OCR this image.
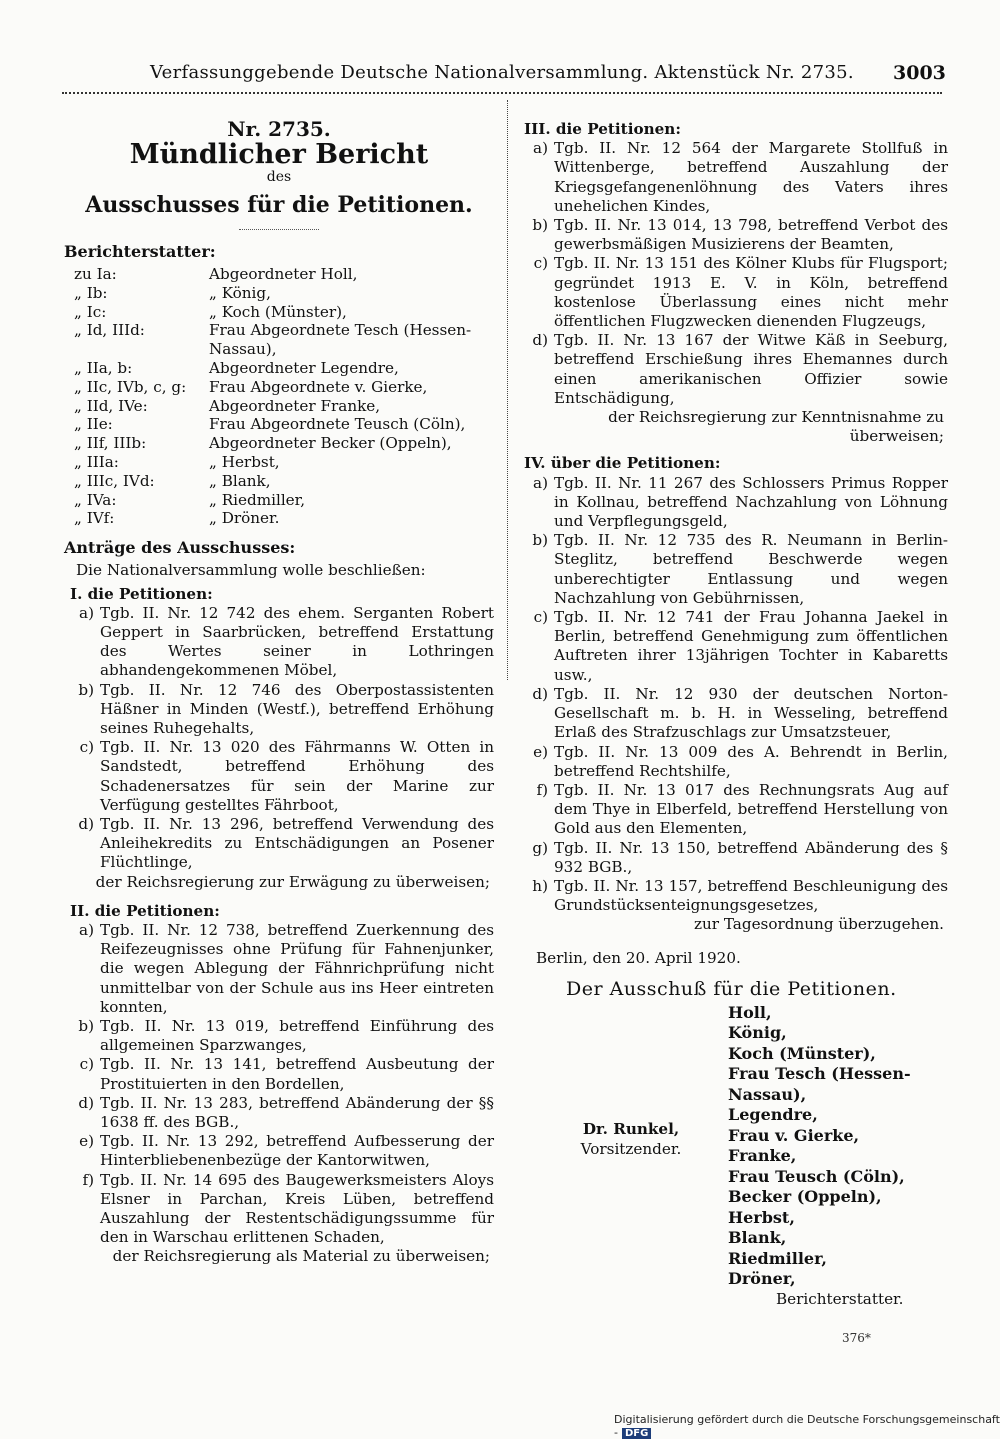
Verfassunggebende Deutsche Nationalversammlung. Aktenstück Nr. 2735. 3003
Nr. 2735.
Mündlicher Bericht
des
Ausschusses für die Petitionen.
Berichterstatter:
zu Ia:	Abgeordneter Holl,
„ Ib:	„ König,
„ Ic:	„ Koch (Münster),
„ Id, IIId:	Frau Abgeordnete Tesch (Hessen-Nassau),
„ IIa, b:	Abgeordneter Legendre,
„ IIc, IVb, c, g:	Frau Abgeordnete v. Gierke,
„ IId, IVe:	Abgeordneter Franke,
„ IIe:	Frau Abgeordnete Teusch (Cöln),
„ IIf, IIIb:	Abgeordneter Becker (Oppeln),
„ IIIa:	„ Herbst,
„ IIIc, IVd:	„ Blank,
„ IVa:	„ Riedmiller,
„ IVf:	„ Dröner.
Anträge des Ausschusses:
Die Nationalversammlung wolle beschließen:
I. die Petitionen:
a) Tgb. II. Nr. 12 742 des ehem. Serganten Robert Geppert in Saarbrücken, betreffend Erstattung des Wertes seiner in Lothringen abhandengekommenen Möbel,
b) Tgb. II. Nr. 12 746 des Oberpostassistenten Häßner in Minden (Westf.), betreffend Erhöhung seines Ruhegehalts,
c) Tgb. II. Nr. 13 020 des Fährmanns W. Otten in Sandstedt, betreffend Erhöhung des Schadenersatzes für sein der Marine zur Verfügung gestelltes Fährboot,
d) Tgb. II. Nr. 13 296, betreffend Verwendung des Anleihekredits zu Entschädigungen an Posener Flüchtlinge,
der Reichsregierung zur Erwägung zu überweisen;
II. die Petitionen:
a) Tgb. II. Nr. 12 738, betreffend Zuerkennung des Reifezeugnisses ohne Prüfung für Fahnenjunker, die wegen Ablegung der Fähnrichprüfung nicht unmittelbar von der Schule aus ins Heer eintreten konnten,
b) Tgb. II. Nr. 13 019, betreffend Einführung des allgemeinen Sparzwanges,
c) Tgb. II. Nr. 13 141, betreffend Ausbeutung der Prostituierten in den Bordellen,
d) Tgb. II. Nr. 13 283, betreffend Abänderung der §§ 1638 ff. des BGB.,
e) Tgb. II. Nr. 13 292, betreffend Aufbesserung der Hinterbliebenenbezüge der Kantorwitwen,
f) Tgb. II. Nr. 14 695 des Baugewerksmeisters Aloys Elsner in Parchan, Kreis Lüben, betreffend Auszahlung der Restentschädigungssumme für den in Warschau erlittenen Schaden,
der Reichsregierung als Material zu überweisen;
III. die Petitionen:
a) Tgb. II. Nr. 12 564 der Margarete Stollfuß in Wittenberge, betreffend Auszahlung der Kriegsgefangenenlöhnung des Vaters ihres unehelichen Kindes,
b) Tgb. II. Nr. 13 014, 13 798, betreffend Verbot des gewerbsmäßigen Musizierens der Beamten,
c) Tgb. II. Nr. 13 151 des Kölner Klubs für Flugsport; gegründet 1913 E. V. in Köln, betreffend kostenlose Überlassung eines nicht mehr öffentlichen Flugzwecken dienenden Flugzeugs,
d) Tgb. II. Nr. 13 167 der Witwe Käß in Seeburg, betreffend Erschießung ihres Ehemannes durch einen amerikanischen Offizier sowie Entschädigung,
der Reichsregierung zur Kenntnisnahme zu überweisen;
IV. über die Petitionen:
a) Tgb. II. Nr. 11 267 des Schlossers Primus Ropper in Kollnau, betreffend Nachzahlung von Löhnung und Verpflegungsgeld,
b) Tgb. II. Nr. 12 735 des R. Neumann in Berlin-Steglitz, betreffend Beschwerde wegen unberechtigter Entlassung und wegen Nachzahlung von Gebührnissen,
c) Tgb. II. Nr. 12 741 der Frau Johanna Jaekel in Berlin, betreffend Genehmigung zum öffentlichen Auftreten ihrer 13jährigen Tochter in Kabaretts usw.,
d) Tgb. II. Nr. 12 930 der deutschen Norton-Gesellschaft m. b. H. in Wesseling, betreffend Erlaß des Strafzuschlags zur Umsatzsteuer,
e) Tgb. II. Nr. 13 009 des A. Behrendt in Berlin, betreffend Rechtshilfe,
f) Tgb. II. Nr. 13 017 des Rechnungsrats Aug auf dem Thye in Elberfeld, betreffend Herstellung von Gold aus den Elementen,
g) Tgb. II. Nr. 13 150, betreffend Abänderung des § 932 BGB.,
h) Tgb. II. Nr. 13 157, betreffend Beschleunigung des Grundstücksenteignungsgesetzes,
zur Tagesordnung überzugehen.
Berlin, den 20. April 1920.
Der Ausschuß für die Petitionen.
Dr. Runkel,
Vorsitzender.
Holl,
König,
Koch (Münster),
Frau Tesch (Hessen-Nassau),
Legendre,
Frau v. Gierke,
Franke,
Frau Teusch (Cöln),
Becker (Oppeln),
Herbst,
Blank,
Riedmiller,
Dröner,
Berichterstatter.
376*
Digitalisierung gefördert durch die Deutsche Forschungsgemeinschaft - DFG
